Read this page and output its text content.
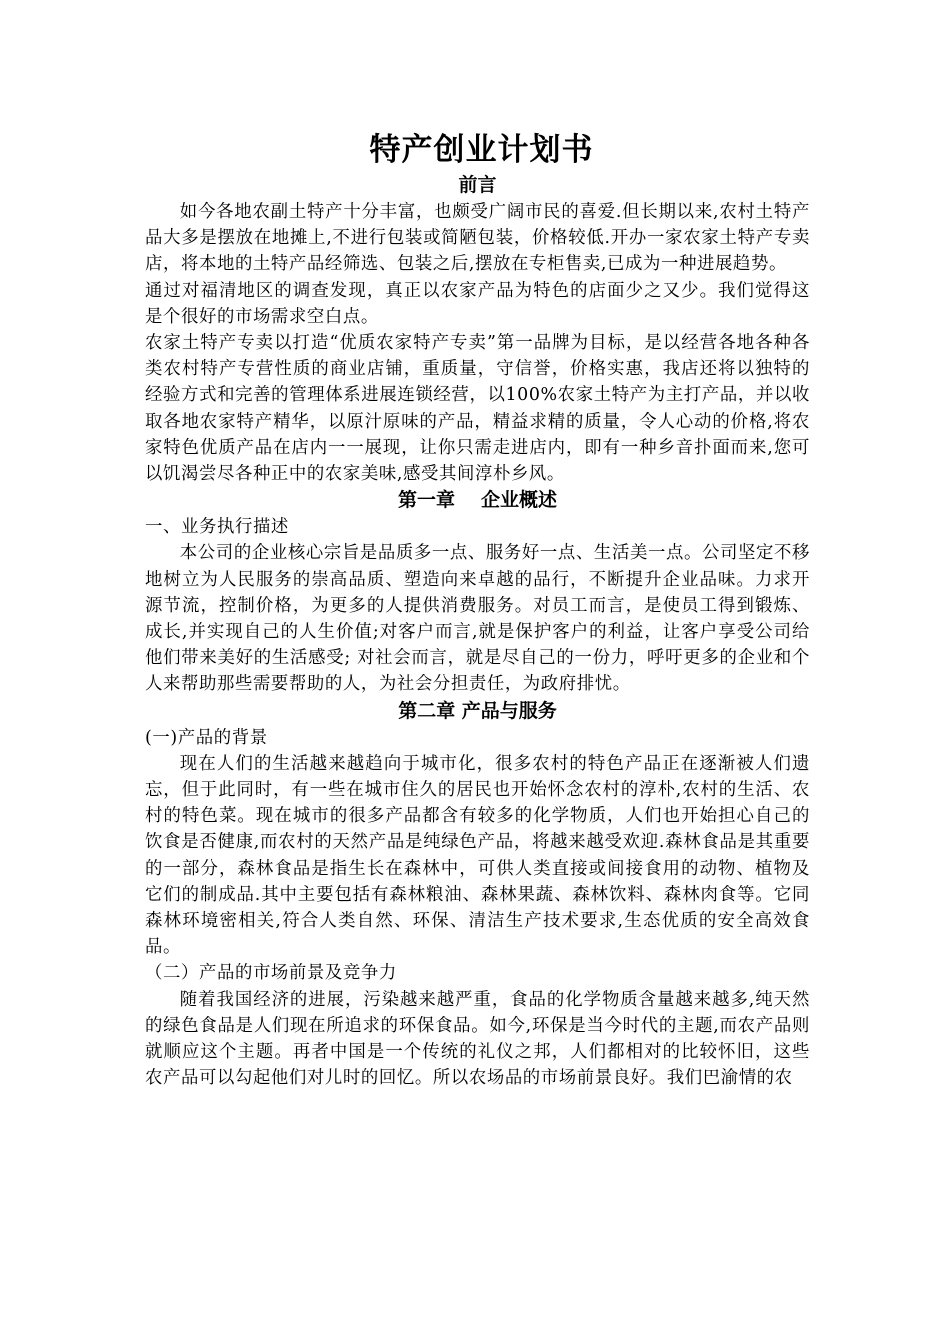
特产创业计划书
前言

如今各地农副土特产十分丰富，也颇受广阔市民的喜爱.但长期以来,农村土特产品大多是摆放在地摊上,不进行包装或简陋包装，价格较低.开办一家农家土特产专卖店，将本地的土特产品经筛选、包装之后,摆放在专柜售卖,已成为一种进展趋势。

通过对福清地区的调查发现，真正以农家产品为特色的店面少之又少。我们觉得这是个很好的市场需求空白点。

农家土特产专卖以打造“优质农家特产专卖”第一品牌为目标，是以经营各地各种各类农村特产专营性质的商业店铺，重质量，守信誉，价格实惠，我店还将以独特的经验方式和完善的管理体系进展连锁经营，以100%农家土特产为主打产品，并以收取各地农家特产精华，以原汁原味的产品，精益求精的质量，令人心动的价格,将农家特色优质产品在店内一一展现，让你只需走进店内，即有一种乡音扑面而来,您可以饥渴尝尽各种正中的农家美味,感受其间淳朴乡风。

第一章 企业概述

一、业务执行描述

本公司的企业核心宗旨是品质多一点、服务好一点、生活美一点。公司坚定不移地树立为人民服务的崇高品质、塑造向来卓越的品行，不断提升企业品味。力求开源节流，控制价格，为更多的人提供消费服务。对员工而言，是使员工得到锻炼、成长,并实现自己的人生价值;对客户而言,就是保护客户的利益，让客户享受公司给他们带来美好的生活感受; 对社会而言，就是尽自己的一份力，呼吁更多的企业和个人来帮助那些需要帮助的人，为社会分担责任，为政府排忧。

第二章 产品与服务

(一)产品的背景

现在人们的生活越来越趋向于城市化，很多农村的特色产品正在逐渐被人们遗忘，但于此同时，有一些在城市住久的居民也开始怀念农村的淳朴,农村的生活、农村的特色菜。现在城市的很多产品都含有较多的化学物质，人们也开始担心自己的饮食是否健康,而农村的天然产品是纯绿色产品，将越来越受欢迎.森林食品是其重要的一部分，森林食品是指生长在森林中，可供人类直接或间接食用的动物、植物及它们的制成品.其中主要包括有森林粮油、森林果蔬、森林饮料、森林肉食等。它同森林环境密相关,符合人类自然、环保、清洁生产技术要求,生态优质的安全高效食品。

（二）产品的市场前景及竞争力

随着我国经济的进展，污染越来越严重，食品的化学物质含量越来越多,纯天然的绿色食品是人们现在所追求的环保食品。如今,环保是当今时代的主题,而农产品则就顺应这个主题。再者中国是一个传统的礼仪之邦，人们都相对的比较怀旧，这些农产品可以勾起他们对儿时的回忆。所以农场品的市场前景良好。我们巴渝情的农
